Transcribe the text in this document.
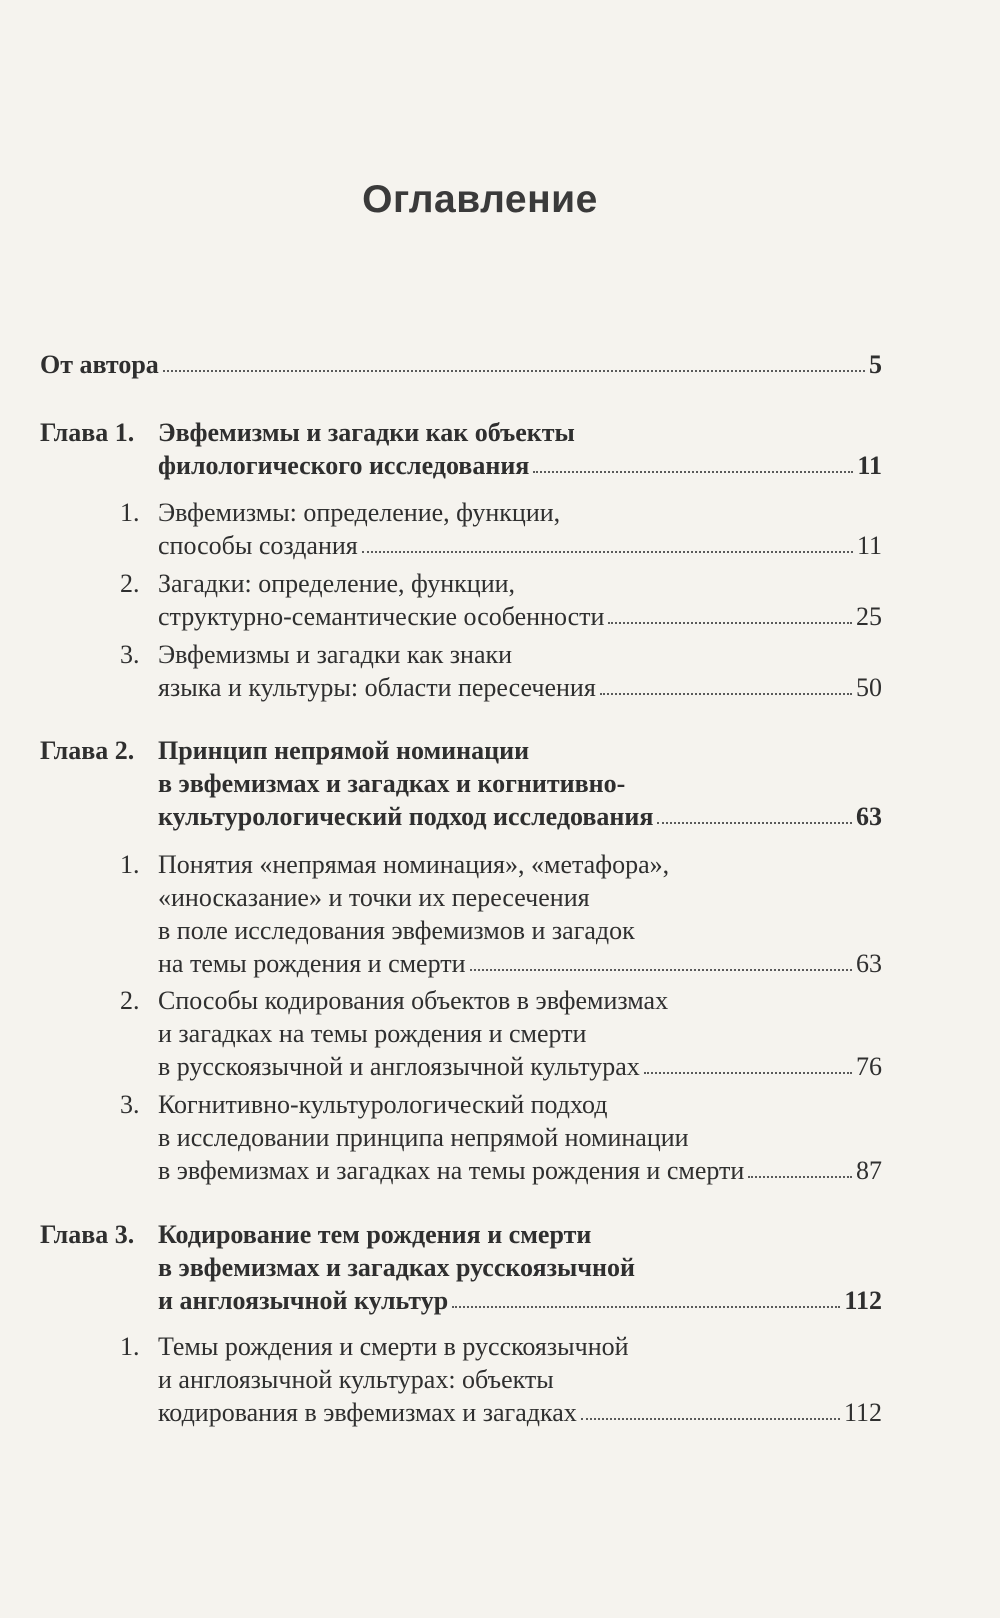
Оглавление
От автора	5
Глава 1. Эвфемизмы и загадки как объекты
филологического исследования	11
1. Эвфемизмы: определение, функции,
способы создания	11
2. Загадки: определение, функции,
структурно-семантические особенности	25
3. Эвфемизмы и загадки как знаки
языка и культуры: области пересечения	50
Глава 2. Принцип непрямой номинации
в эвфемизмах и загадках и когнитивно-
культурологический подход исследования	63
1. Понятия «непрямая номинация», «метафора»,
«иносказание» и точки их пересечения
в поле исследования эвфемизмов и загадок
на темы рождения и смерти	63
2. Способы кодирования объектов в эвфемизмах
и загадках на темы рождения и смерти
в русскоязычной и англоязычной культурах	76
3. Когнитивно-культурологический подход
в исследовании принципа непрямой номинации
в эвфемизмах и загадках на темы рождения и смерти	87
Глава 3. Кодирование тем рождения и смерти
в эвфемизмах и загадках русскоязычной
и англоязычной культур	112
1. Темы рождения и смерти в русскоязычной
и англоязычной культурах: объекты
кодирования в эвфемизмах и загадках	112
